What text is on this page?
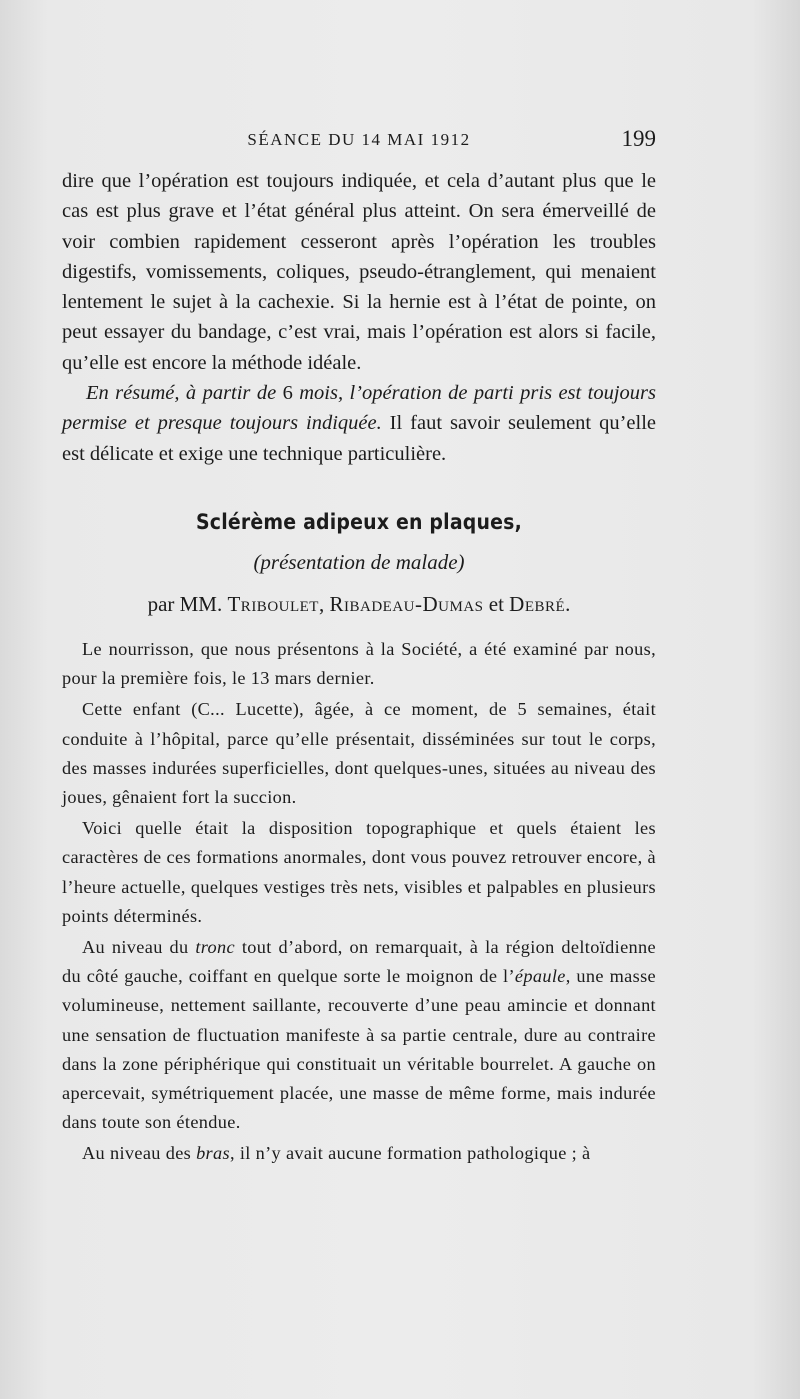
SÉANCE DU 14 MAI 1912	199

dire que l’opération est toujours indiquée, et cela d’autant plus que le cas est plus grave et l’état général plus atteint. On sera émerveillé de voir combien rapidement cesseront après l’opération les troubles digestifs, vomissements, coliques, pseudo-étranglement, qui menaient lentement le sujet à la cachexie. Si la hernie est à l’état de pointe, on peut essayer du bandage, c’est vrai, mais l’opération est alors si facile, qu’elle est encore la méthode idéale.

En résumé, à partir de 6 mois, l’opération de parti pris est toujours permise et presque toujours indiquée. Il faut savoir seulement qu’elle est délicate et exige une technique particulière.

Sclérème adipeux en plaques,

(présentation de malade)

par MM. Triboulet, Ribadeau-Dumas et Debré.

Le nourrisson, que nous présentons à la Société, a été examiné par nous, pour la première fois, le 13 mars dernier.

Cette enfant (C... Lucette), âgée, à ce moment, de 5 semaines, était conduite à l’hôpital, parce qu’elle présentait, disséminées sur tout le corps, des masses indurées superficielles, dont quelques-unes, situées au niveau des joues, gênaient fort la succion.

Voici quelle était la disposition topographique et quels étaient les caractères de ces formations anormales, dont vous pouvez retrouver encore, à l’heure actuelle, quelques vestiges très nets, visibles et palpables en plusieurs points déterminés.

Au niveau du tronc tout d’abord, on remarquait, à la région deltoïdienne du côté gauche, coiffant en quelque sorte le moignon de l’épaule, une masse volumineuse, nettement saillante, recouverte d’une peau amincie et donnant une sensation de fluctuation manifeste à sa partie centrale, dure au contraire dans la zone périphérique qui constituait un véritable bourrelet. A gauche on apercevait, symétriquement placée, une masse de même forme, mais indurée dans toute son étendue.

Au niveau des bras, il n’y avait aucune formation pathologique ; à
